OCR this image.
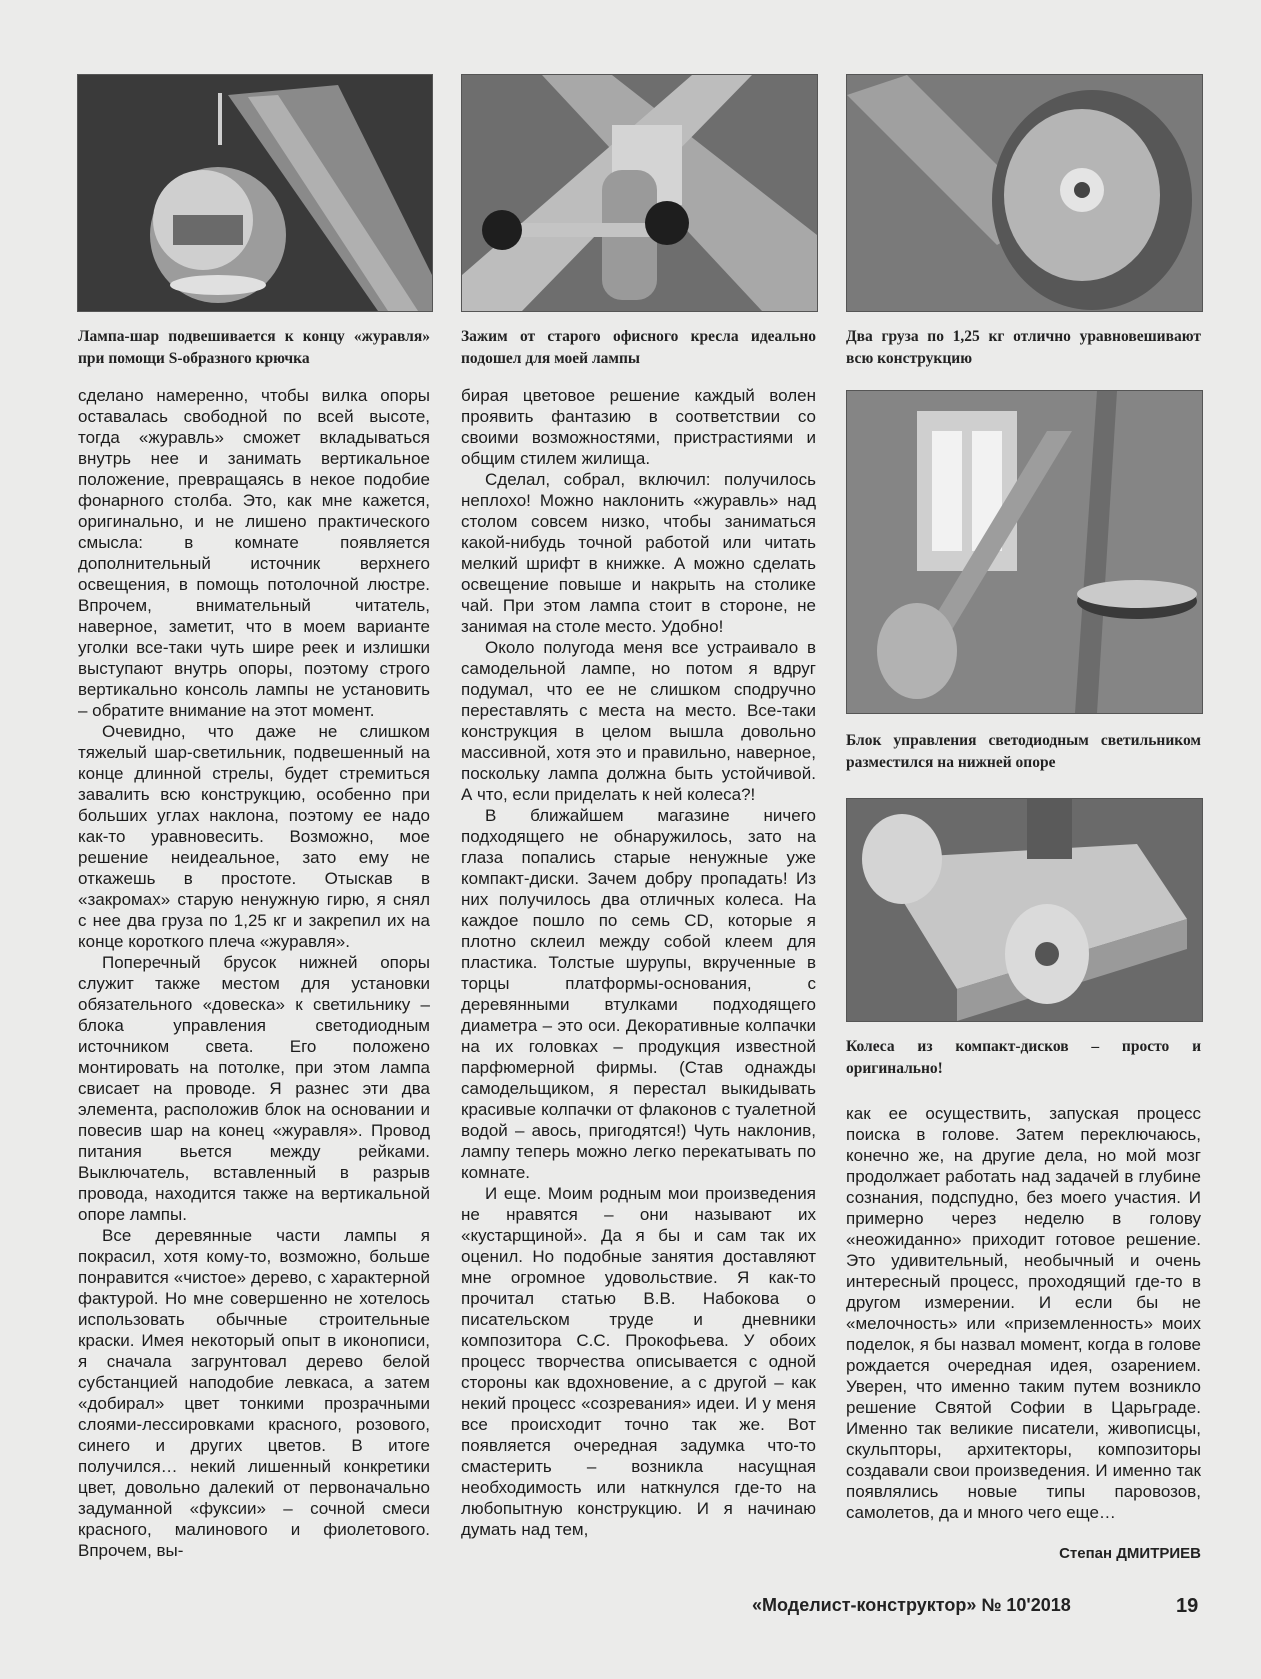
Лампа-шар подвешивается к концу «журавля» при помощи S-образного крючка
Зажим от старого офисного кресла идеально подошел для моей лампы
Два груза по 1,25 кг отлично уравновешивают всю конструкцию
Блок управления светодиодным светильником разместился на нижней опоре
Колеса из компакт-дисков – просто и оригинально!

сделано намеренно, чтобы вилка опоры оставалась свободной по всей высоте, тогда «журавль» сможет вкладываться внутрь нее и занимать вертикальное положение, превращаясь в некое подобие фонарного столба. Это, как мне кажется, оригинально, и не лишено практического смысла: в комнате появляется дополнительный источник верхнего освещения, в помощь потолочной люстре. Впрочем, внимательный читатель, наверное, заметит, что в моем варианте уголки все-таки чуть шире реек и излишки выступают внутрь опоры, поэтому строго вертикально консоль лампы не установить – обратите внимание на этот момент.

Очевидно, что даже не слишком тяжелый шар-светильник, подвешенный на конце длинной стрелы, будет стремиться завалить всю конструкцию, особенно при больших углах наклона, поэтому ее надо как-то уравновесить. Возможно, мое решение неидеальное, зато ему не откажешь в простоте. Отыскав в «закромах» старую ненужную гирю, я снял с нее два груза по 1,25 кг и закрепил их на конце короткого плеча «журавля».

Поперечный брусок нижней опоры служит также местом для установки обязательного «довеска» к светильнику – блока управления светодиодным источником света. Его положено монтировать на потолке, при этом лампа свисает на проводе. Я разнес эти два элемента, расположив блок на основании и повесив шар на конец «журавля». Провод питания вьется между рейками. Выключатель, вставленный в разрыв провода, находится также на вертикальной опоре лампы.

Все деревянные части лампы я покрасил, хотя кому-то, возможно, больше понравится «чистое» дерево, с характерной фактурой. Но мне совершенно не хотелось использовать обычные строительные краски. Имея некоторый опыт в иконописи, я сначала загрунтовал дерево белой субстанцией наподобие левкаса, а затем «добирал» цвет тонкими прозрачными слоями-лессировками красного, розового, синего и других цветов. В итоге получился… некий лишенный конкретики цвет, довольно далекий от первоначально задуманной «фуксии» – сочной смеси красного, малинового и фиолетового. Впрочем, вы-

бирая цветовое решение каждый волен проявить фантазию в соответствии со своими возможностями, пристрастиями и общим стилем жилища.

Сделал, собрал, включил: получилось неплохо! Можно наклонить «журавль» над столом совсем низко, чтобы заниматься какой-нибудь точной работой или читать мелкий шрифт в книжке. А можно сделать освещение повыше и накрыть на столике чай. При этом лампа стоит в стороне, не занимая на столе место. Удобно!

Около полугода меня все устраивало в самодельной лампе, но потом я вдруг подумал, что ее не слишком сподручно переставлять с места на место. Все-таки конструкция в целом вышла довольно массивной, хотя это и правильно, наверное, поскольку лампа должна быть устойчивой. А что, если приделать к ней колеса?!

В ближайшем магазине ничего подходящего не обнаружилось, зато на глаза попались старые ненужные уже компакт-диски. Зачем добру пропадать! Из них получилось два отличных колеса. На каждое пошло по семь CD, которые я плотно склеил между собой клеем для пластика. Толстые шурупы, вкрученные в торцы платформы-основания, с деревянными втулками подходящего диаметра – это оси. Декоративные колпачки на их головках – продукция известной парфюмерной фирмы. (Став однажды самодельщиком, я перестал выкидывать красивые колпачки от флаконов с туалетной водой – авось, пригодятся!) Чуть наклонив, лампу теперь можно легко перекатывать по комнате.

И еще. Моим родным мои произведения не нравятся – они называют их «кустарщиной». Да я бы и сам так их оценил. Но подобные занятия доставляют мне огромное удовольствие. Я как-то прочитал статью В.В. Набокова о писательском труде и дневники композитора С.С. Прокофьева. У обоих процесс творчества описывается с одной стороны как вдохновение, а с другой – как некий процесс «созревания» идеи. И у меня все происходит точно так же. Вот появляется очередная задумка что-то смастерить – возникла насущная необходимость или наткнулся где-то на любопытную конструкцию. И я начинаю думать над тем,

как ее осуществить, запуская процесс поиска в голове. Затем переключаюсь, конечно же, на другие дела, но мой мозг продолжает работать над задачей в глубине сознания, подспудно, без моего участия. И примерно через неделю в голову «неожиданно» приходит готовое решение. Это удивительный, необычный и очень интересный процесс, проходящий где-то в другом измерении. И если бы не «мелочность» или «приземленность» моих поделок, я бы назвал момент, когда в голове рождается очередная идея, озарением. Уверен, что именно таким путем возникло решение Святой Софии в Царьграде. Именно так великие писатели, живописцы, скульпторы, архитекторы, композиторы создавали свои произведения. И именно так появлялись новые типы паровозов, самолетов, да и много чего еще…

Степан ДМИТРИЕВ
«Моделист-конструктор» № 10'2018	19
